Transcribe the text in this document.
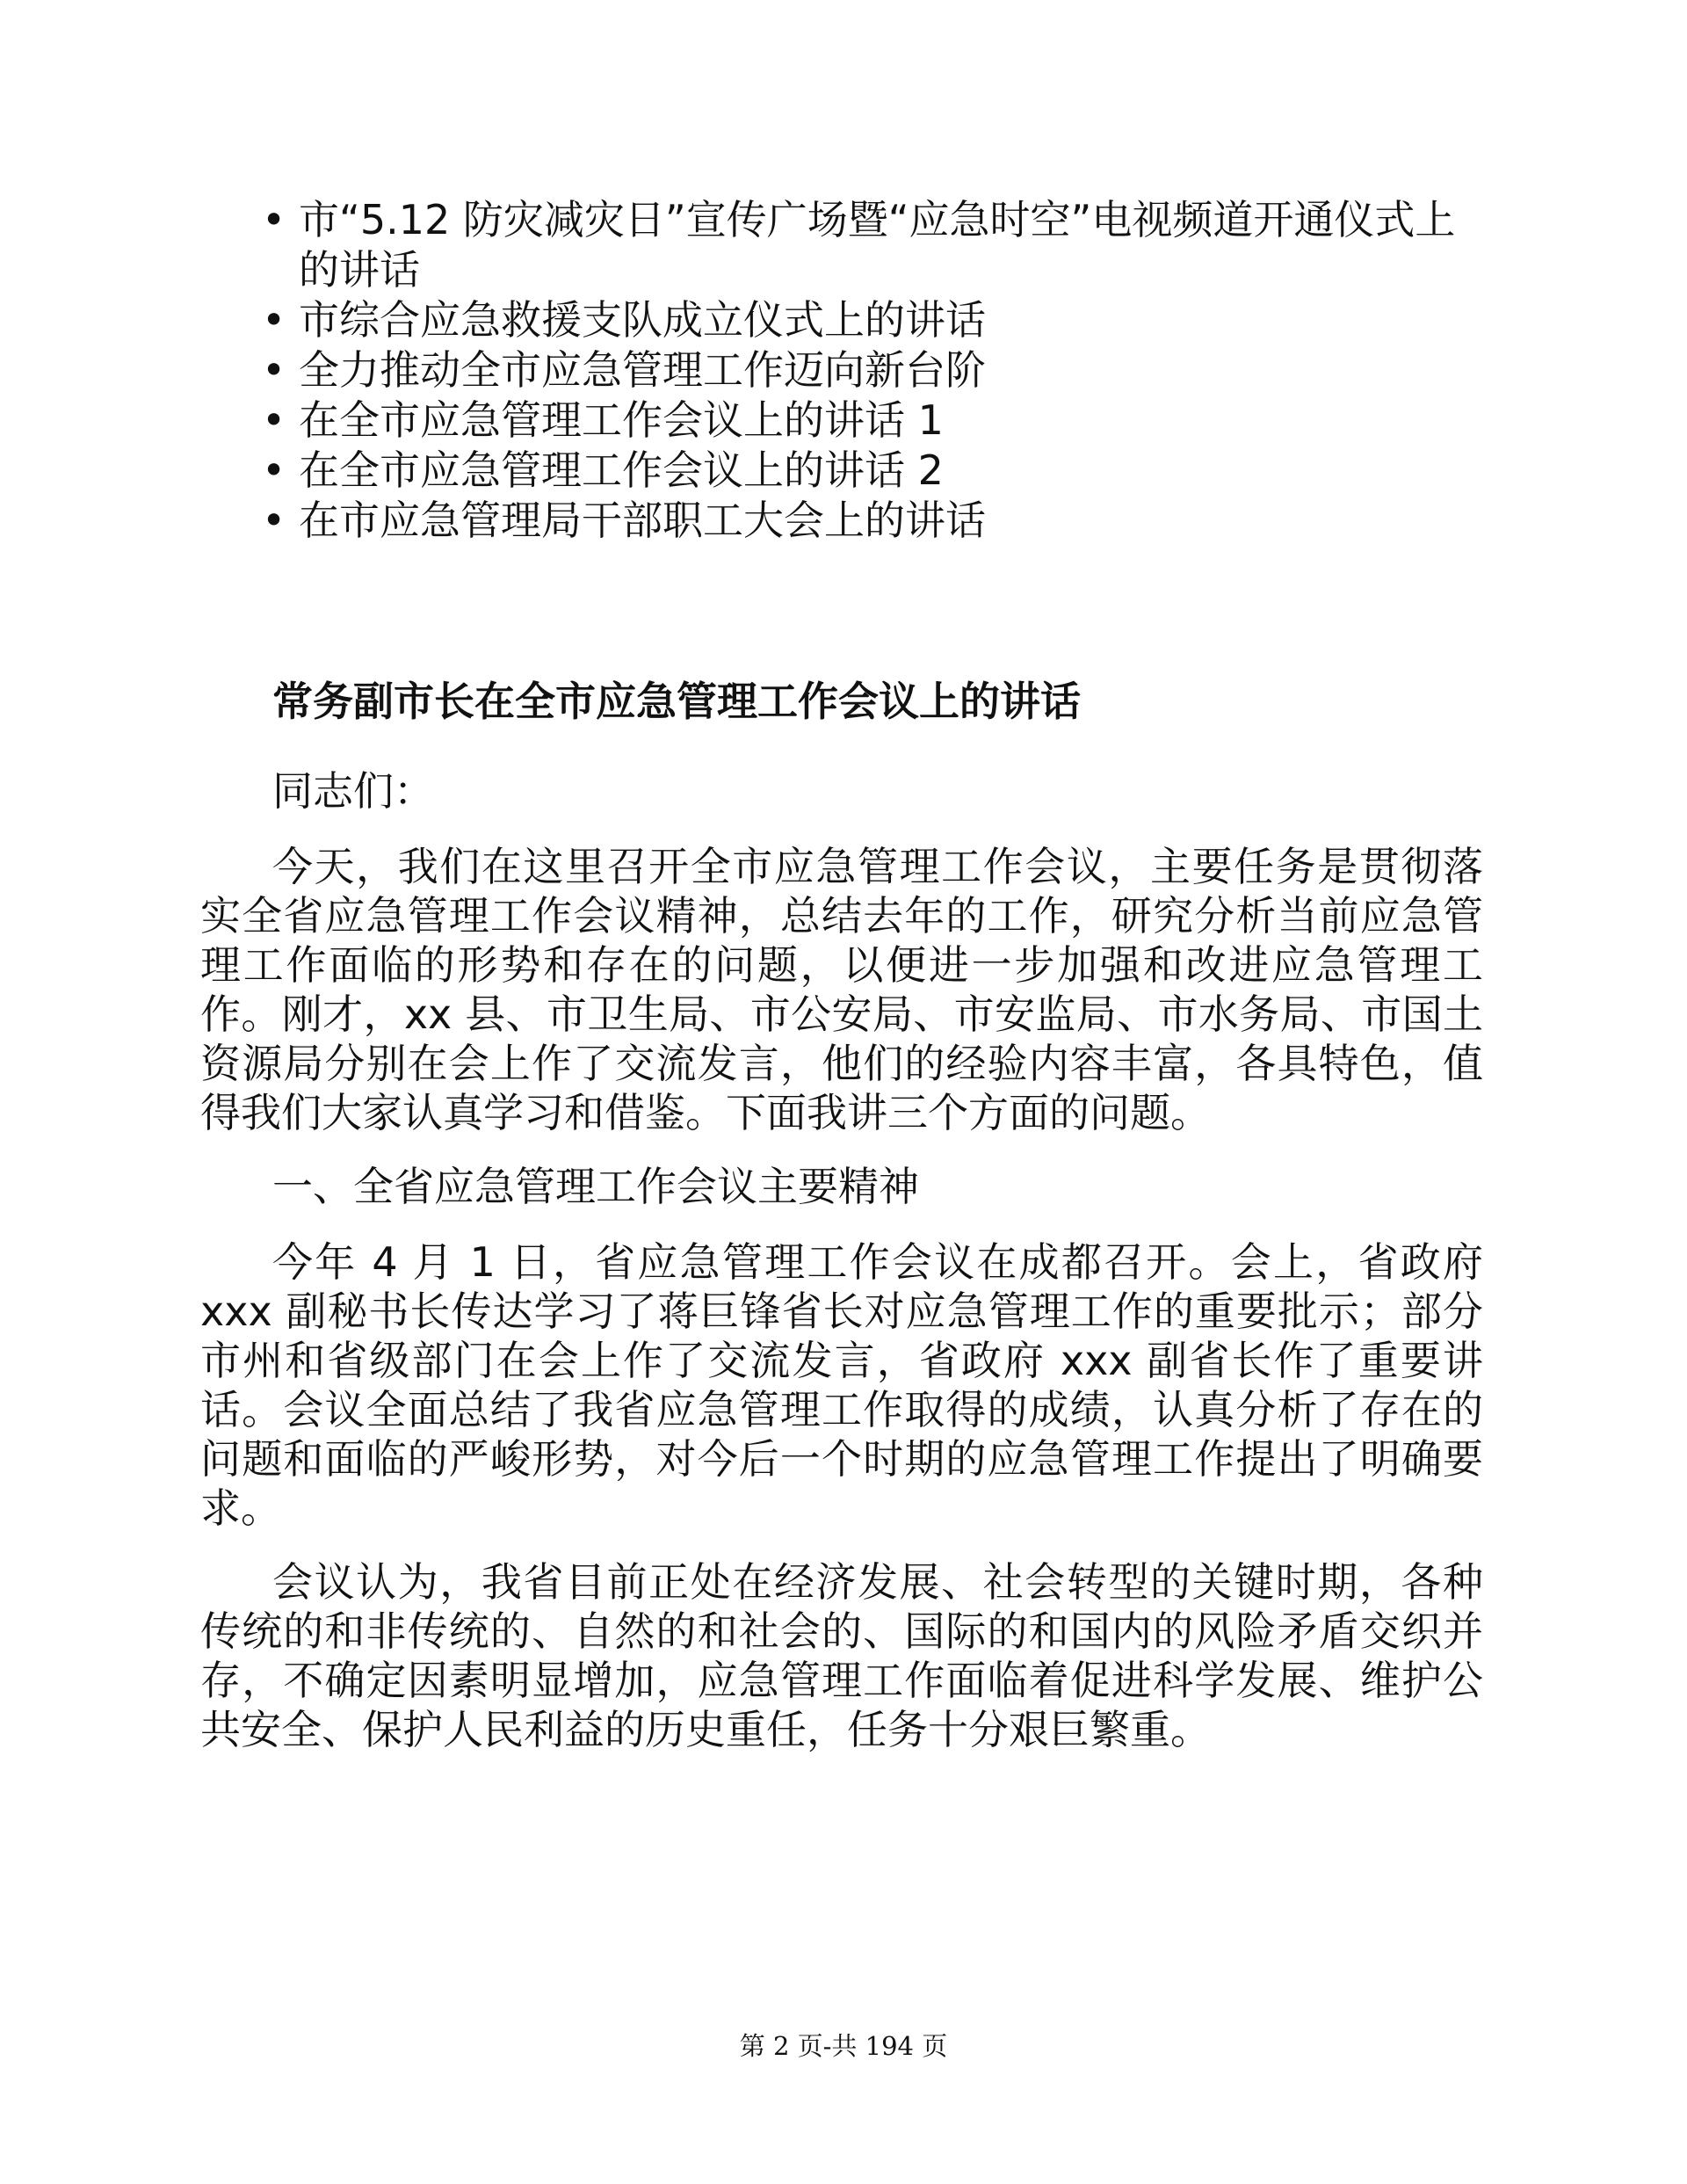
• 市“5.12 防灾减灾日”宣传广场暨“应急时空”电视频道开通仪式上的讲话
• 市综合应急救援支队成立仪式上的讲话
• 全力推动全市应急管理工作迈向新台阶
• 在全市应急管理工作会议上的讲话 1
• 在全市应急管理工作会议上的讲话 2
• 在市应急管理局干部职工大会上的讲话
常务副市长在全市应急管理工作会议上的讲话

同志们：

今天，我们在这里召开全市应急管理工作会议，主要任务是贯彻落实全省应急管理工作会议精神，总结去年的工作，研究分析当前应急管理工作面临的形势和存在的问题，以便进一步加强和改进应急管理工作。刚才，xx 县、市卫生局、市公安局、市安监局、市水务局、市国土资源局分别在会上作了交流发言，他们的经验内容丰富，各具特色，值得我们大家认真学习和借鉴。下面我讲三个方面的问题。

一、全省应急管理工作会议主要精神

今年 4 月 1 日，省应急管理工作会议在成都召开。会上，省政府 xxx 副秘书长传达学习了蒋巨锋省长对应急管理工作的重要批示；部分市州和省级部门在会上作了交流发言，省政府 xxx 副省长作了重要讲话。会议全面总结了我省应急管理工作取得的成绩，认真分析了存在的问题和面临的严峻形势，对今后一个时期的应急管理工作提出了明确要求。

会议认为，我省目前正处在经济发展、社会转型的关键时期，各种传统的和非传统的、自然的和社会的、国际的和国内的风险矛盾交织并存，不确定因素明显增加，应急管理工作面临着促进科学发展、维护公共安全、保护人民利益的历史重任，任务十分艰巨繁重。

第 2 页-共 194 页
